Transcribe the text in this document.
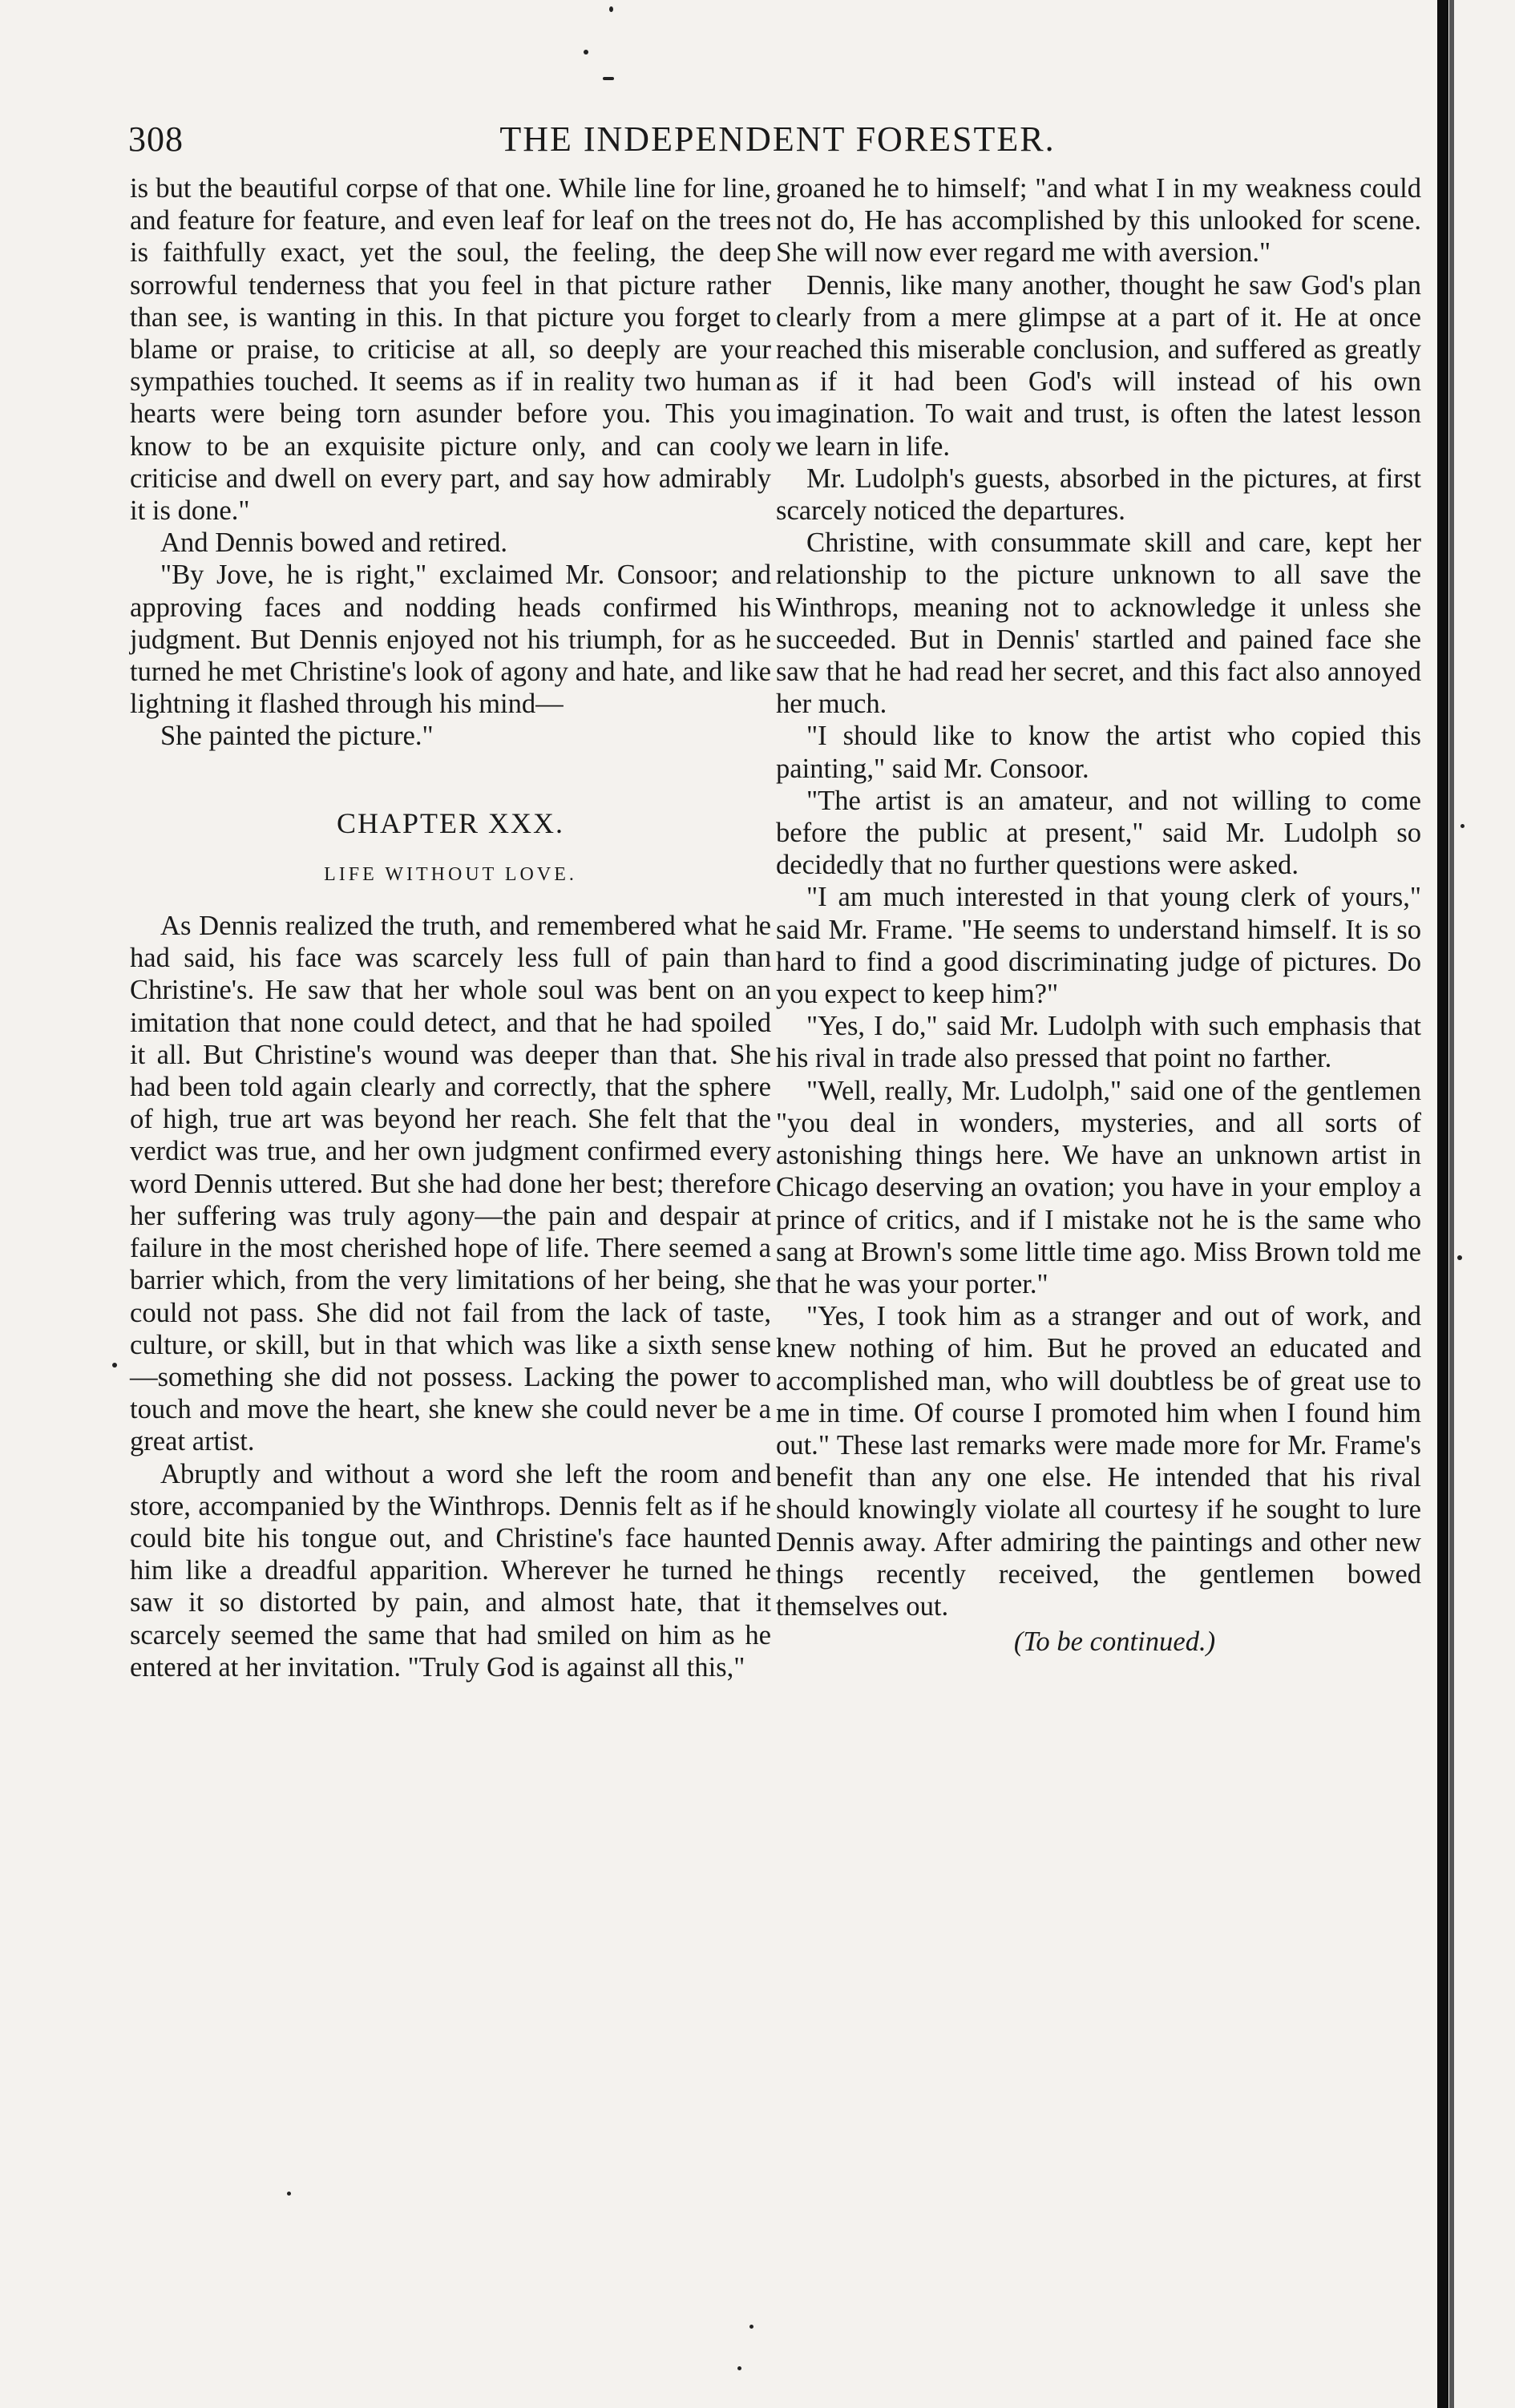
308	THE INDEPENDENT FORESTER.

is but the beautiful corpse of that one. While line for line, and feature for feature, and even leaf for leaf on the trees is faithfully exact, yet the soul, the feeling, the deep sorrowful tenderness that you feel in that picture rather than see, is wanting in this. In that picture you forget to blame or praise, to criticise at all, so deeply are your sympathies touched. It seems as if in reality two human hearts were being torn asunder before you. This you know to be an exquisite picture only, and can cooly criticise and dwell on every part, and say how admirably it is done."

And Dennis bowed and retired.

"By Jove, he is right," exclaimed Mr. Consoor; and approving faces and nodding heads confirmed his judgment. But Dennis enjoyed not his triumph, for as he turned he met Christine's look of agony and hate, and like lightning it flashed through his mind—

She painted the picture."

CHAPTER XXX.
LIFE WITHOUT LOVE.

As Dennis realized the truth, and remembered what he had said, his face was scarcely less full of pain than Christine's. He saw that her whole soul was bent on an imitation that none could detect, and that he had spoiled it all. But Christine's wound was deeper than that. She had been told again clearly and correctly, that the sphere of high, true art was beyond her reach. She felt that the verdict was true, and her own judgment confirmed every word Dennis uttered. But she had done her best; therefore her suffering was truly agony—the pain and despair at failure in the most cherished hope of life. There seemed a barrier which, from the very limitations of her being, she could not pass. She did not fail from the lack of taste, culture, or skill, but in that which was like a sixth sense—something she did not possess. Lacking the power to touch and move the heart, she knew she could never be a great artist.

Abruptly and without a word she left the room and store, accompanied by the Winthrops. Dennis felt as if he could bite his tongue out, and Christine's face haunted him like a dreadful apparition. Wherever he turned he saw it so distorted by pain, and almost hate, that it scarcely seemed the same that had smiled on him as he entered at her invitation. "Truly God is against all this,"

groaned he to himself; "and what I in my weakness could not do, He has accomplished by this unlooked for scene. She will now ever regard me with aversion."

Dennis, like many another, thought he saw God's plan clearly from a mere glimpse at a part of it. He at once reached this miserable conclusion, and suffered as greatly as if it had been God's will instead of his own imagination. To wait and trust, is often the latest lesson we learn in life.

Mr. Ludolph's guests, absorbed in the pictures, at first scarcely noticed the departures.

Christine, with consummate skill and care, kept her relationship to the picture unknown to all save the Winthrops, meaning not to acknowledge it unless she succeeded. But in Dennis' startled and pained face she saw that he had read her secret, and this fact also annoyed her much.

"I should like to know the artist who copied this painting," said Mr. Consoor.

"The artist is an amateur, and not willing to come before the public at present," said Mr. Ludolph so decidedly that no further questions were asked.

"I am much interested in that young clerk of yours," said Mr. Frame. "He seems to understand himself. It is so hard to find a good discriminating judge of pictures. Do you expect to keep him?"

"Yes, I do," said Mr. Ludolph with such emphasis that his rival in trade also pressed that point no farther.

"Well, really, Mr. Ludolph," said one of the gentlemen "you deal in wonders, mysteries, and all sorts of astonishing things here. We have an unknown artist in Chicago deserving an ovation; you have in your employ a prince of critics, and if I mistake not he is the same who sang at Brown's some little time ago. Miss Brown told me that he was your porter."

"Yes, I took him as a stranger and out of work, and knew nothing of him. But he proved an educated and accomplished man, who will doubtless be of great use to me in time. Of course I promoted him when I found him out." These last remarks were made more for Mr. Frame's benefit than any one else. He intended that his rival should knowingly violate all courtesy if he sought to lure Dennis away. After admiring the paintings and other new things recently received, the gentlemen bowed themselves out.

(To be continued.)
